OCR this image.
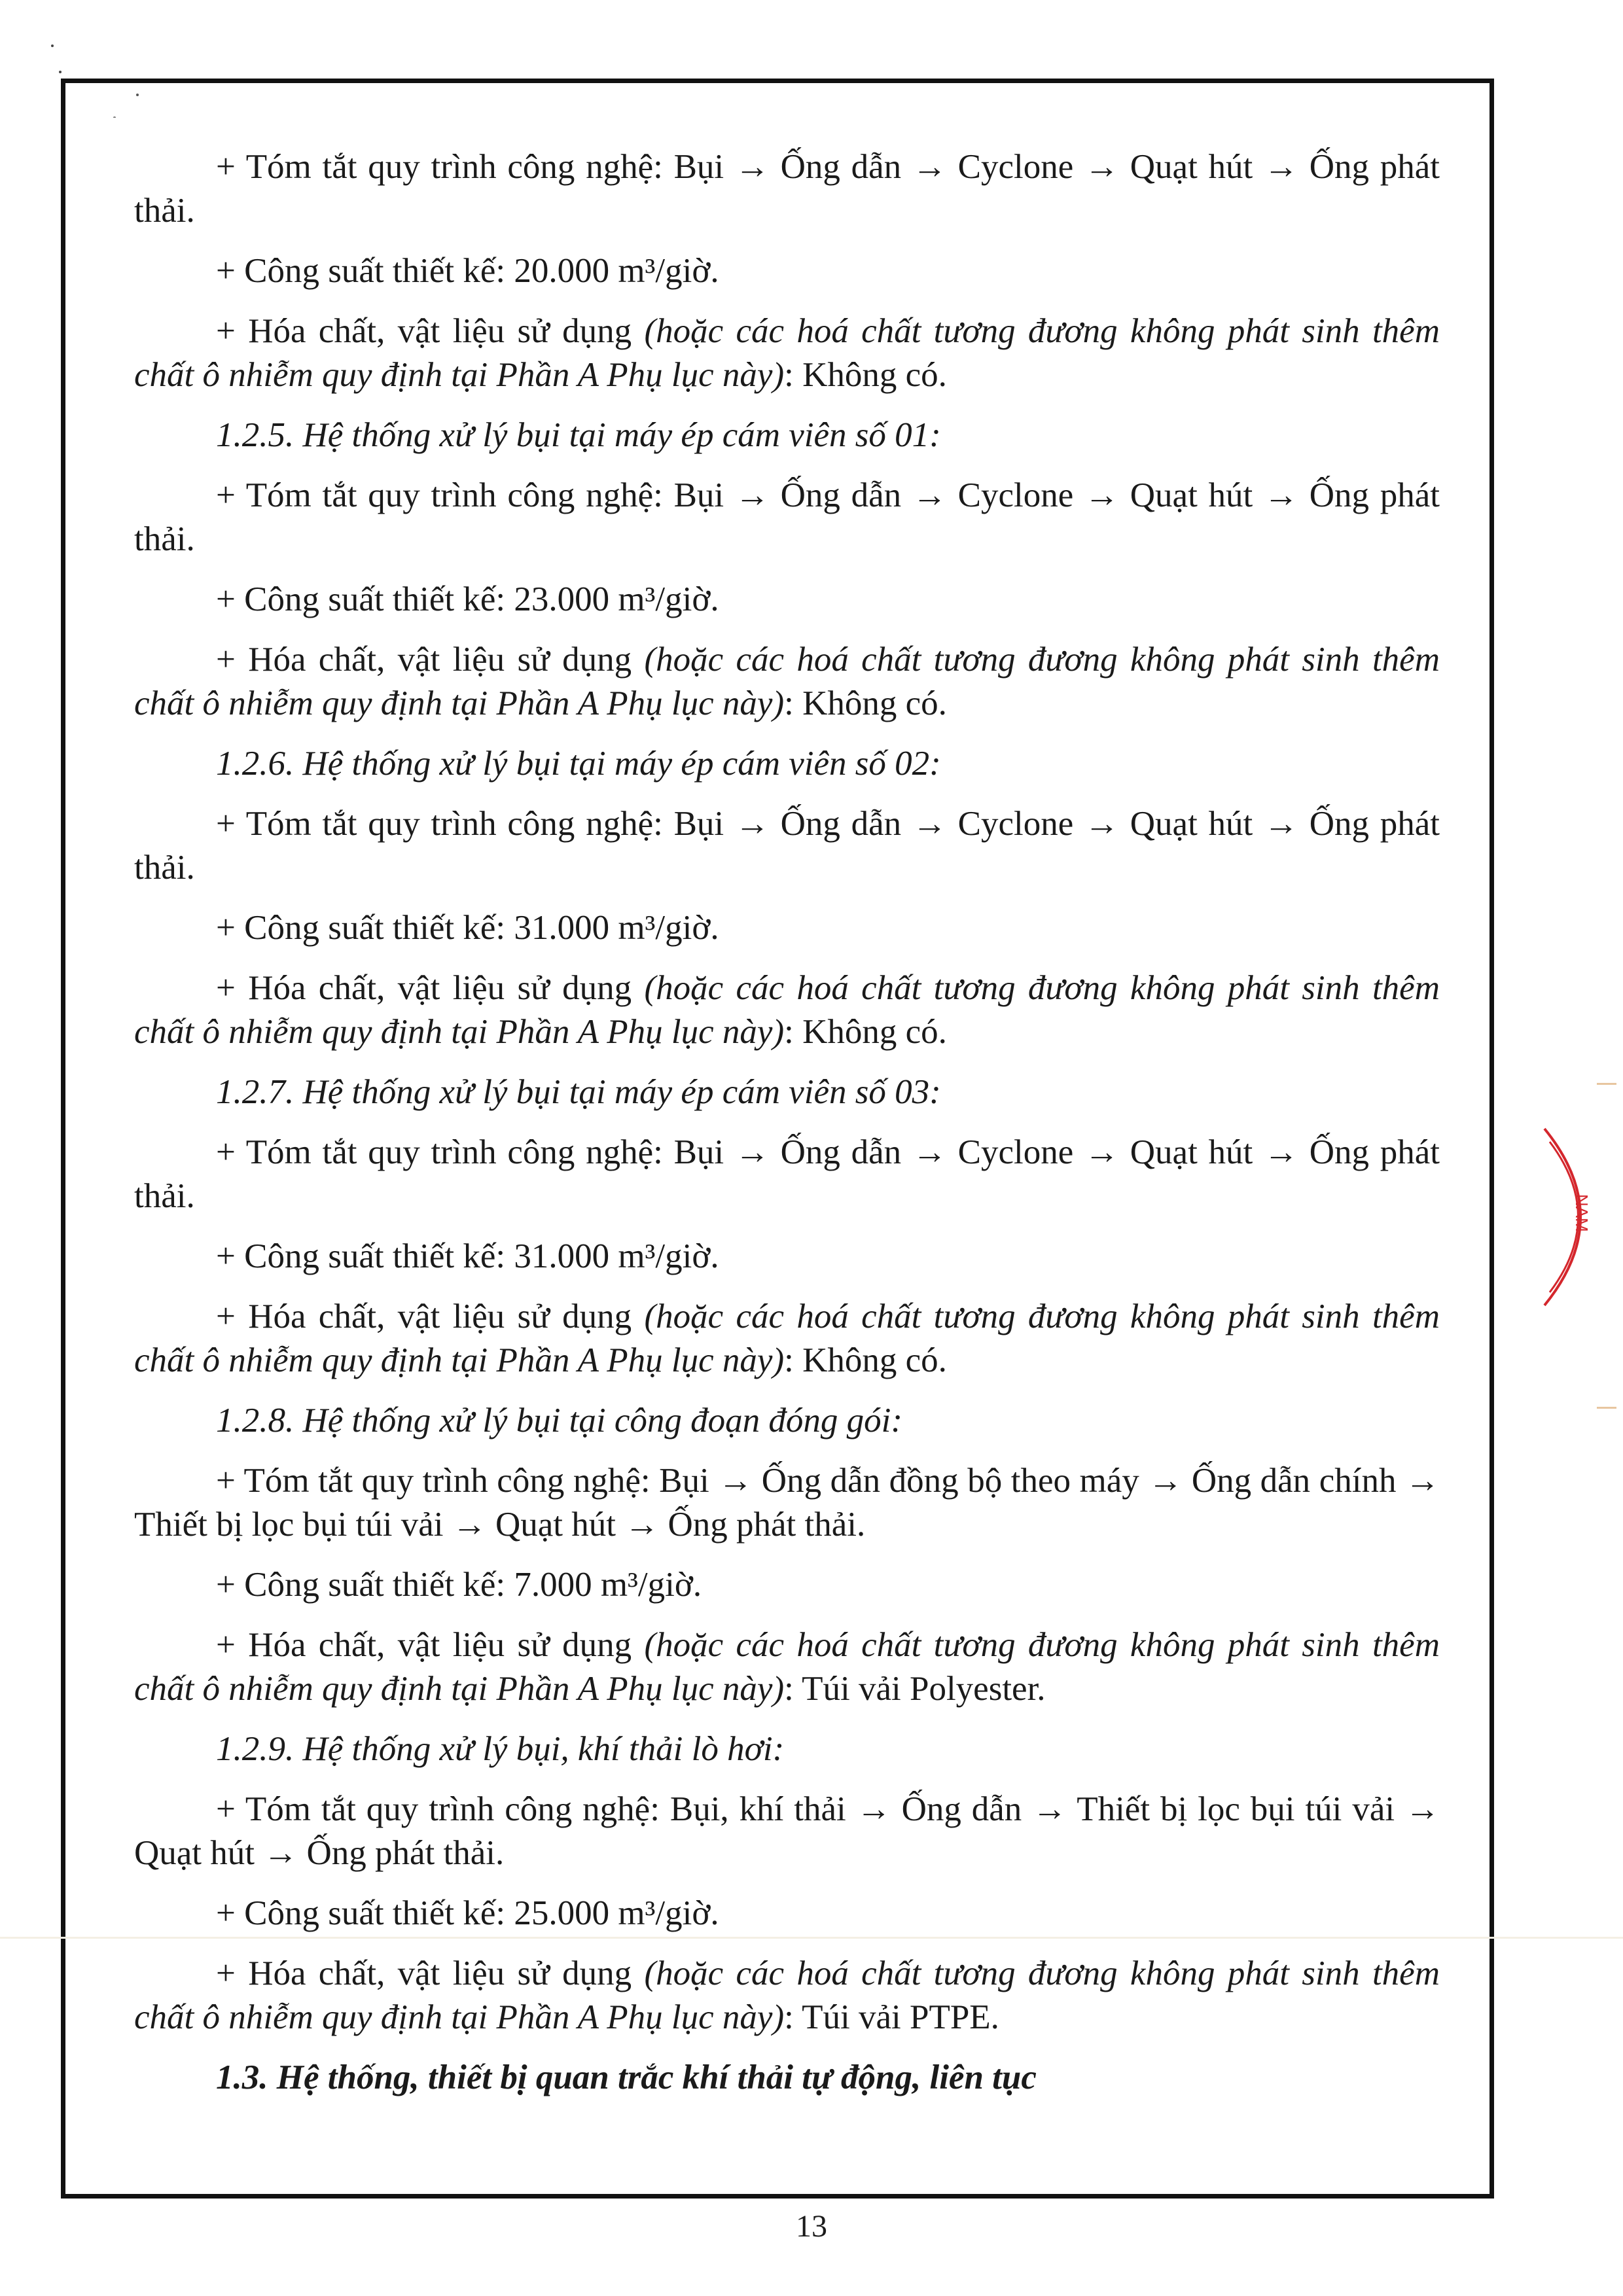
+ Tóm tắt quy trình công nghệ: Bụi → Ống dẫn → Cyclone → Quạt hút → Ống phát thải.

+ Công suất thiết kế: 20.000 m³/giờ.

+ Hóa chất, vật liệu sử dụng (hoặc các hoá chất tương đương không phát sinh thêm chất ô nhiễm quy định tại Phần A Phụ lục này): Không có.

1.2.5. Hệ thống xử lý bụi tại máy ép cám viên số 01:

+ Tóm tắt quy trình công nghệ: Bụi → Ống dẫn → Cyclone → Quạt hút → Ống phát thải.

+ Công suất thiết kế: 23.000 m³/giờ.

+ Hóa chất, vật liệu sử dụng (hoặc các hoá chất tương đương không phát sinh thêm chất ô nhiễm quy định tại Phần A Phụ lục này): Không có.

1.2.6. Hệ thống xử lý bụi tại máy ép cám viên số 02:

+ Tóm tắt quy trình công nghệ: Bụi → Ống dẫn → Cyclone → Quạt hút → Ống phát thải.

+ Công suất thiết kế: 31.000 m³/giờ.

+ Hóa chất, vật liệu sử dụng (hoặc các hoá chất tương đương không phát sinh thêm chất ô nhiễm quy định tại Phần A Phụ lục này): Không có.

1.2.7. Hệ thống xử lý bụi tại máy ép cám viên số 03:

+ Tóm tắt quy trình công nghệ: Bụi → Ống dẫn → Cyclone → Quạt hút → Ống phát thải.

+ Công suất thiết kế: 31.000 m³/giờ.

+ Hóa chất, vật liệu sử dụng (hoặc các hoá chất tương đương không phát sinh thêm chất ô nhiễm quy định tại Phần A Phụ lục này): Không có.

1.2.8. Hệ thống xử lý bụi tại công đoạn đóng gói:

+ Tóm tắt quy trình công nghệ: Bụi → Ống dẫn đồng bộ theo máy → Ống dẫn chính → Thiết bị lọc bụi túi vải → Quạt hút → Ống phát thải.

+ Công suất thiết kế: 7.000 m³/giờ.

+ Hóa chất, vật liệu sử dụng (hoặc các hoá chất tương đương không phát sinh thêm chất ô nhiễm quy định tại Phần A Phụ lục này): Túi vải Polyester.

1.2.9. Hệ thống xử lý bụi, khí thải lò hơi:

+ Tóm tắt quy trình công nghệ: Bụi, khí thải → Ống dẫn → Thiết bị lọc bụi túi vải → Quạt hút → Ống phát thải.

+ Công suất thiết kế: 25.000 m³/giờ.

+ Hóa chất, vật liệu sử dụng (hoặc các hoá chất tương đương không phát sinh thêm chất ô nhiễm quy định tại Phần A Phụ lục này): Túi vải PTPE.

1.3. Hệ thống, thiết bị quan trắc khí thải tự động, liên tục

NAM
13
